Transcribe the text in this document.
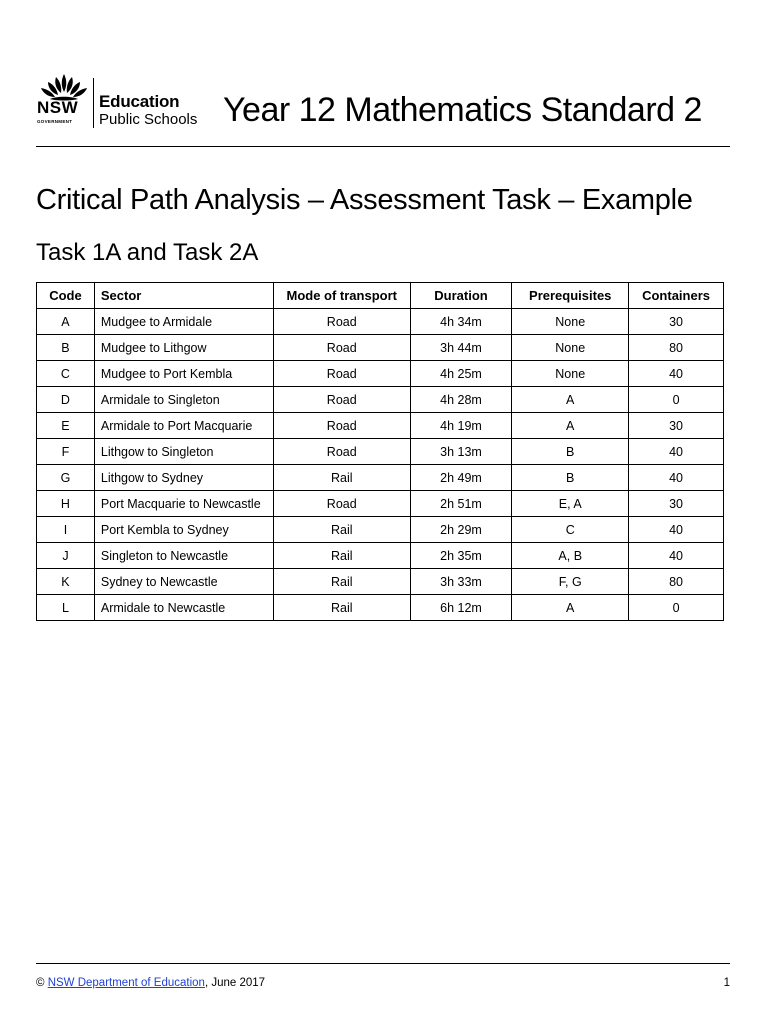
NSW
GOVERNMENT
Education
Public Schools Year 12 Mathematics Standard 2
Critical Path Analysis – Assessment Task – Example
Task 1A and Task 2A
Code	Sector	Mode of transport	Duration	Prerequisites	Containers
A	Mudgee to Armidale	Road	4h 34m	None	30
B	Mudgee to Lithgow	Road	3h 44m	None	80
C	Mudgee to Port Kembla	Road	4h 25m	None	40
D	Armidale to Singleton	Road	4h 28m	A	0
E	Armidale to Port Macquarie	Road	4h 19m	A	30
F	Lithgow to Singleton	Road	3h 13m	B	40
G	Lithgow to Sydney	Rail	2h 49m	B	40
H	Port Macquarie to Newcastle	Road	2h 51m	E, A	30
I	Port Kembla to Sydney	Rail	2h 29m	C	40
J	Singleton to Newcastle	Rail	2h 35m	A, B	40
K	Sydney to Newcastle	Rail	3h 33m	F, G	80
L	Armidale to Newcastle	Rail	6h 12m	A	0
© NSW Department of Education, June 2017	1
